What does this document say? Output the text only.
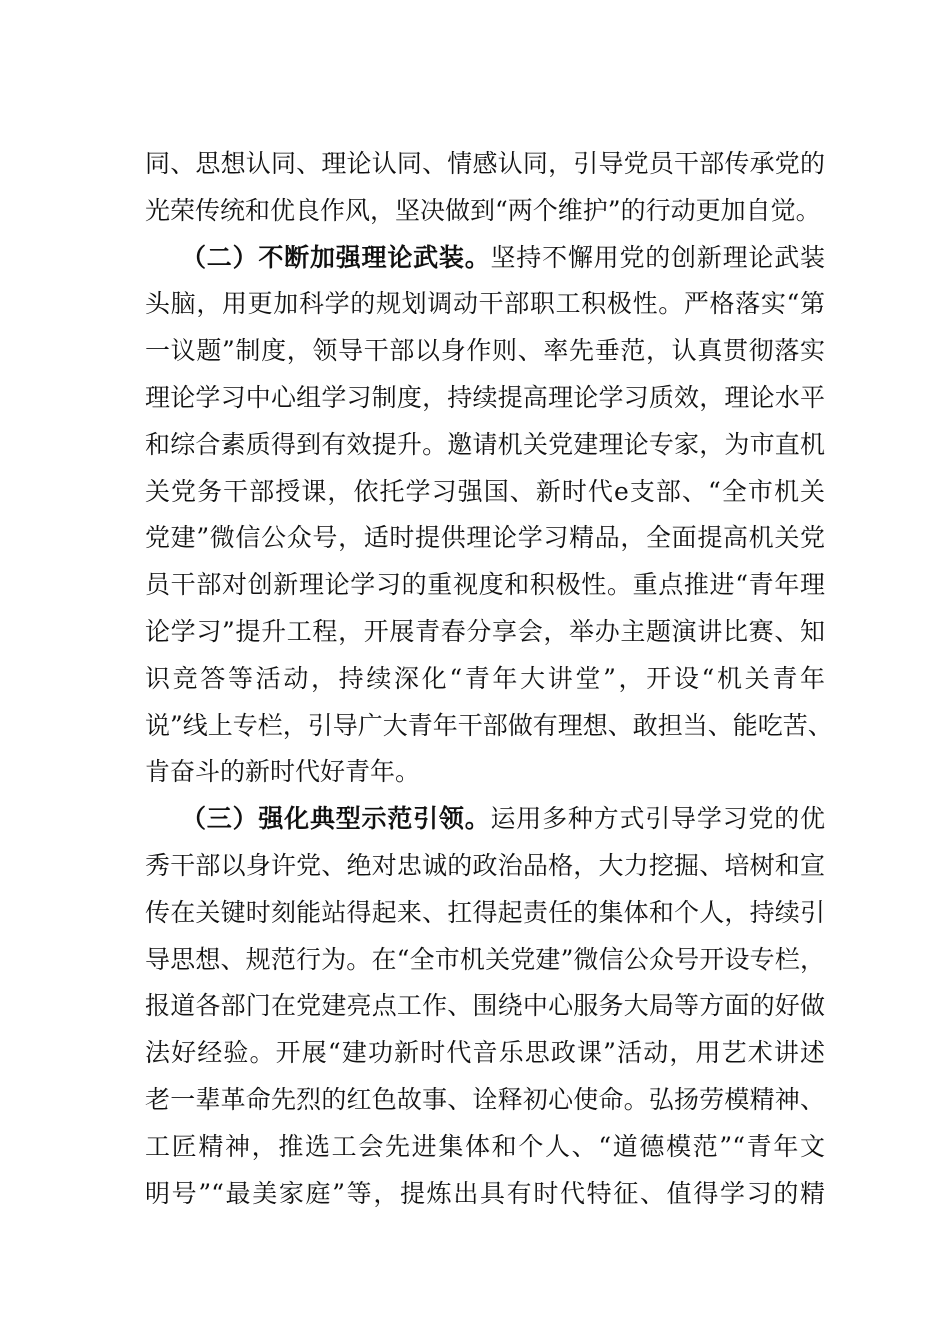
同、思想认同、理论认同、情感认同，引导党员干部传承党的
光荣传统和优良作风，坚决做到“两个维护”的行动更加自觉。
（二）不断加强理论武装。坚持不懈用党的创新理论武装
头脑，用更加科学的规划调动干部职工积极性。严格落实“第
一议题”制度，领导干部以身作则、率先垂范，认真贯彻落实
理论学习中心组学习制度，持续提高理论学习质效，理论水平
和综合素质得到有效提升。邀请机关党建理论专家，为市直机
关党务干部授课，依托学习强国、新时代e支部、“全市机关
党建”微信公众号，适时提供理论学习精品，全面提高机关党
员干部对创新理论学习的重视度和积极性。重点推进“青年理
论学习”提升工程，开展青春分享会，举办主题演讲比赛、知
识竞答等活动，持续深化“青年大讲堂”，开设“机关青年
说”线上专栏，引导广大青年干部做有理想、敢担当、能吃苦、
肯奋斗的新时代好青年。
（三）强化典型示范引领。运用多种方式引导学习党的优
秀干部以身许党、绝对忠诚的政治品格，大力挖掘、培树和宣
传在关键时刻能站得起来、扛得起责任的集体和个人，持续引
导思想、规范行为。在“全市机关党建”微信公众号开设专栏，
报道各部门在党建亮点工作、围绕中心服务大局等方面的好做
法好经验。开展“建功新时代音乐思政课”活动，用艺术讲述
老一辈革命先烈的红色故事、诠释初心使命。弘扬劳模精神、
工匠精神，推选工会先进集体和个人、“道德模范”“青年文
明号”“最美家庭”等，提炼出具有时代特征、值得学习的精
